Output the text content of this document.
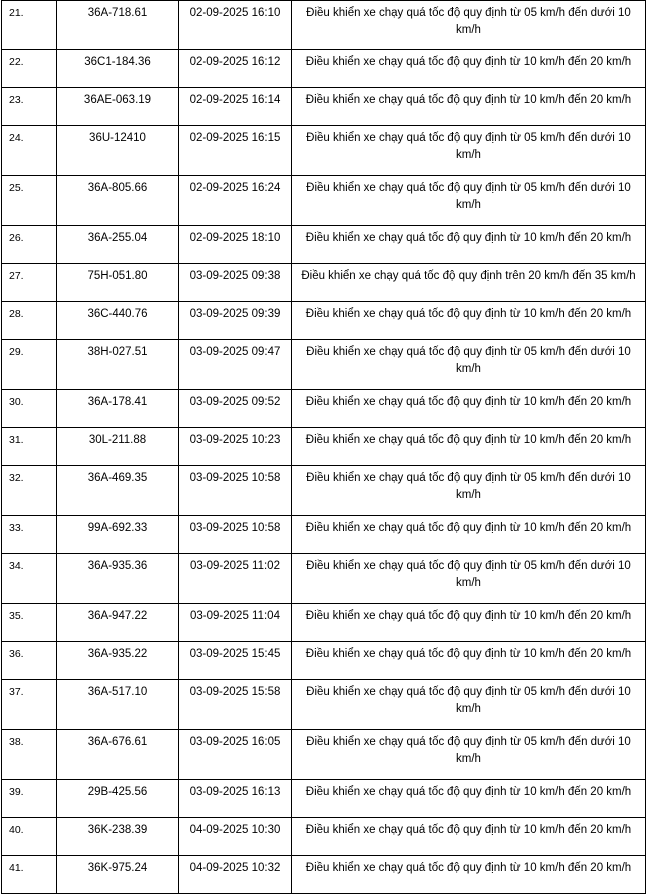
21.	36A-718.61	02-09-2025 16:10	Điều khiển xe chạy quá tốc độ quy định từ 05 km/h đến dưới 10 km/h
22.	36C1-184.36	02-09-2025 16:12	Điều khiển xe chạy quá tốc độ quy định từ 10 km/h đến 20 km/h
23.	36AE-063.19	02-09-2025 16:14	Điều khiển xe chạy quá tốc độ quy định từ 10 km/h đến 20 km/h
24.	36U-12410	02-09-2025 16:15	Điều khiển xe chạy quá tốc độ quy định từ 05 km/h đến dưới 10 km/h
25.	36A-805.66	02-09-2025 16:24	Điều khiển xe chạy quá tốc độ quy định từ 05 km/h đến dưới 10 km/h
26.	36A-255.04	02-09-2025 18:10	Điều khiển xe chạy quá tốc độ quy định từ 10 km/h đến 20 km/h
27.	75H-051.80	03-09-2025 09:38	Điều khiển xe chạy quá tốc độ quy định trên 20 km/h đến 35 km/h
28.	36C-440.76	03-09-2025 09:39	Điều khiển xe chạy quá tốc độ quy định từ 10 km/h đến 20 km/h
29.	38H-027.51	03-09-2025 09:47	Điều khiển xe chạy quá tốc độ quy định từ 05 km/h đến dưới 10 km/h
30.	36A-178.41	03-09-2025 09:52	Điều khiển xe chạy quá tốc độ quy định từ 10 km/h đến 20 km/h
31.	30L-211.88	03-09-2025 10:23	Điều khiển xe chạy quá tốc độ quy định từ 10 km/h đến 20 km/h
32.	36A-469.35	03-09-2025 10:58	Điều khiển xe chạy quá tốc độ quy định từ 05 km/h đến dưới 10 km/h
33.	99A-692.33	03-09-2025 10:58	Điều khiển xe chạy quá tốc độ quy định từ 10 km/h đến 20 km/h
34.	36A-935.36	03-09-2025 11:02	Điều khiển xe chạy quá tốc độ quy định từ 05 km/h đến dưới 10 km/h
35.	36A-947.22	03-09-2025 11:04	Điều khiển xe chạy quá tốc độ quy định từ 10 km/h đến 20 km/h
36.	36A-935.22	03-09-2025 15:45	Điều khiển xe chạy quá tốc độ quy định từ 10 km/h đến 20 km/h
37.	36A-517.10	03-09-2025 15:58	Điều khiển xe chạy quá tốc độ quy định từ 05 km/h đến dưới 10 km/h
38.	36A-676.61	03-09-2025 16:05	Điều khiển xe chạy quá tốc độ quy định từ 05 km/h đến dưới 10 km/h
39.	29B-425.56	03-09-2025 16:13	Điều khiển xe chạy quá tốc độ quy định từ 10 km/h đến 20 km/h
40.	36K-238.39	04-09-2025 10:30	Điều khiển xe chạy quá tốc độ quy định từ 10 km/h đến 20 km/h
41.	36K-975.24	04-09-2025 10:32	Điều khiển xe chạy quá tốc độ quy định từ 10 km/h đến 20 km/h
